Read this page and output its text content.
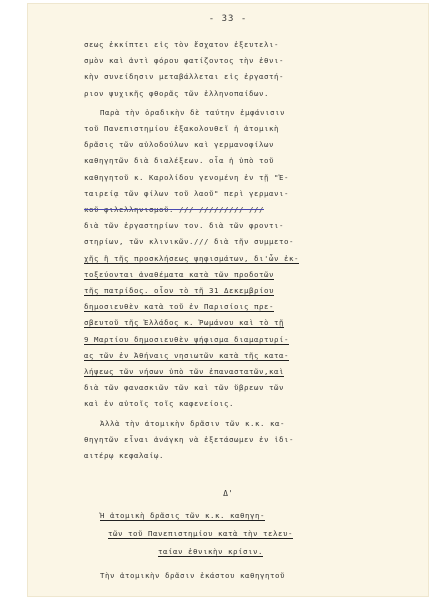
- 33 -
σεως ἐκκίπτει εἰς τὸν ἔσχατον ἐξευτελι-
σμὸν καὶ ἀντὶ φόρου φατίζοντος τὴν ἐθνι-
κὴν συνείδησιν μεταβάλλεται εἰς ἐργαστή-
ριον ψυχικῆς φθορᾶς τῶν ἑλληνοπαίδων.
Παρὰ τὴν ὁραδικὴν δὲ ταύτην ἐμφάνισιν
τοῦ Πανεπιστημίου ἐξακολουθεῖ ἡ ἀτομικὴ
δρᾶσις τῶν αὐλοδούλων καὶ γερμανοφίλων
καθηγητῶν διὰ διαλέξεων. οἷα ἡ ὑπὸ τοῦ
καθηγητοῦ κ. Καρολίδου γενομένη ἐν τῇ "Ἑ-
ταιρείᾳ τῶν φίλων τοῦ λαοῦ" περὶ γερμανι-
κοῦ φιλελληνισμοῦ. /// ///////// ///
διὰ τῶν ἐργαστηρίων τον. διὰ τῶν φροντι-
στηρίων, τῶν κλινικῶν./// διὰ τῆν συμμετο-
χῆς ἢ τῆς προσκλήσεως ψηφισμάτων, δι'ὧν ἐκ-
τοξεύονται ἀναθέματα κατὰ τῶν προδοτῶν
τῆς πατρίδος. οἷον τὸ τῆ 31 Δεκεμβρίου
δημοσιευθὲν κατὰ τοῦ ἐν Παρισίοις πρε-
σβευτοῦ τῆς Ἑλλάδος κ. Ῥωμάνου καὶ τὸ τῇ
9 Μαρτίου δημοσιευθὲν ψήφισμα διαμαρτυρί-
ας τῶν ἐν Ἀθήναις νησιωτῶν κατὰ τῆς κατα-
λήψεως τῶν νήσων ὑπὸ τῶν ἐπαναστατῶν,καὶ
διὰ τῶν φανασκιῶν τῶν καὶ τῶν ὕβρεων τῶν
καὶ ἐν αὐτοῖς τοῖς καφενείοις.
Ἀλλὰ τὴν ἀτομικὴν δρᾶσιν τῶν κ.κ. κα-
θηγητῶν εἶναι ἀνάγκη νὰ ἐξετάσωμεν ἐν ἰδι-
αιτέρῳ κεφαλαίῳ.
Δ'
Ἡ ἀτομικὴ δρᾶσις τῶν κ.κ. καθηγη-
τῶν τοῦ Πανεπιστημίου κατὰ τὴν τελευ-
ταίαν ἐθνικὴν κρίσιν.
Τὴν ἀτομικὴν δρᾶσιν ἑκάστου καθηγητοῦ
